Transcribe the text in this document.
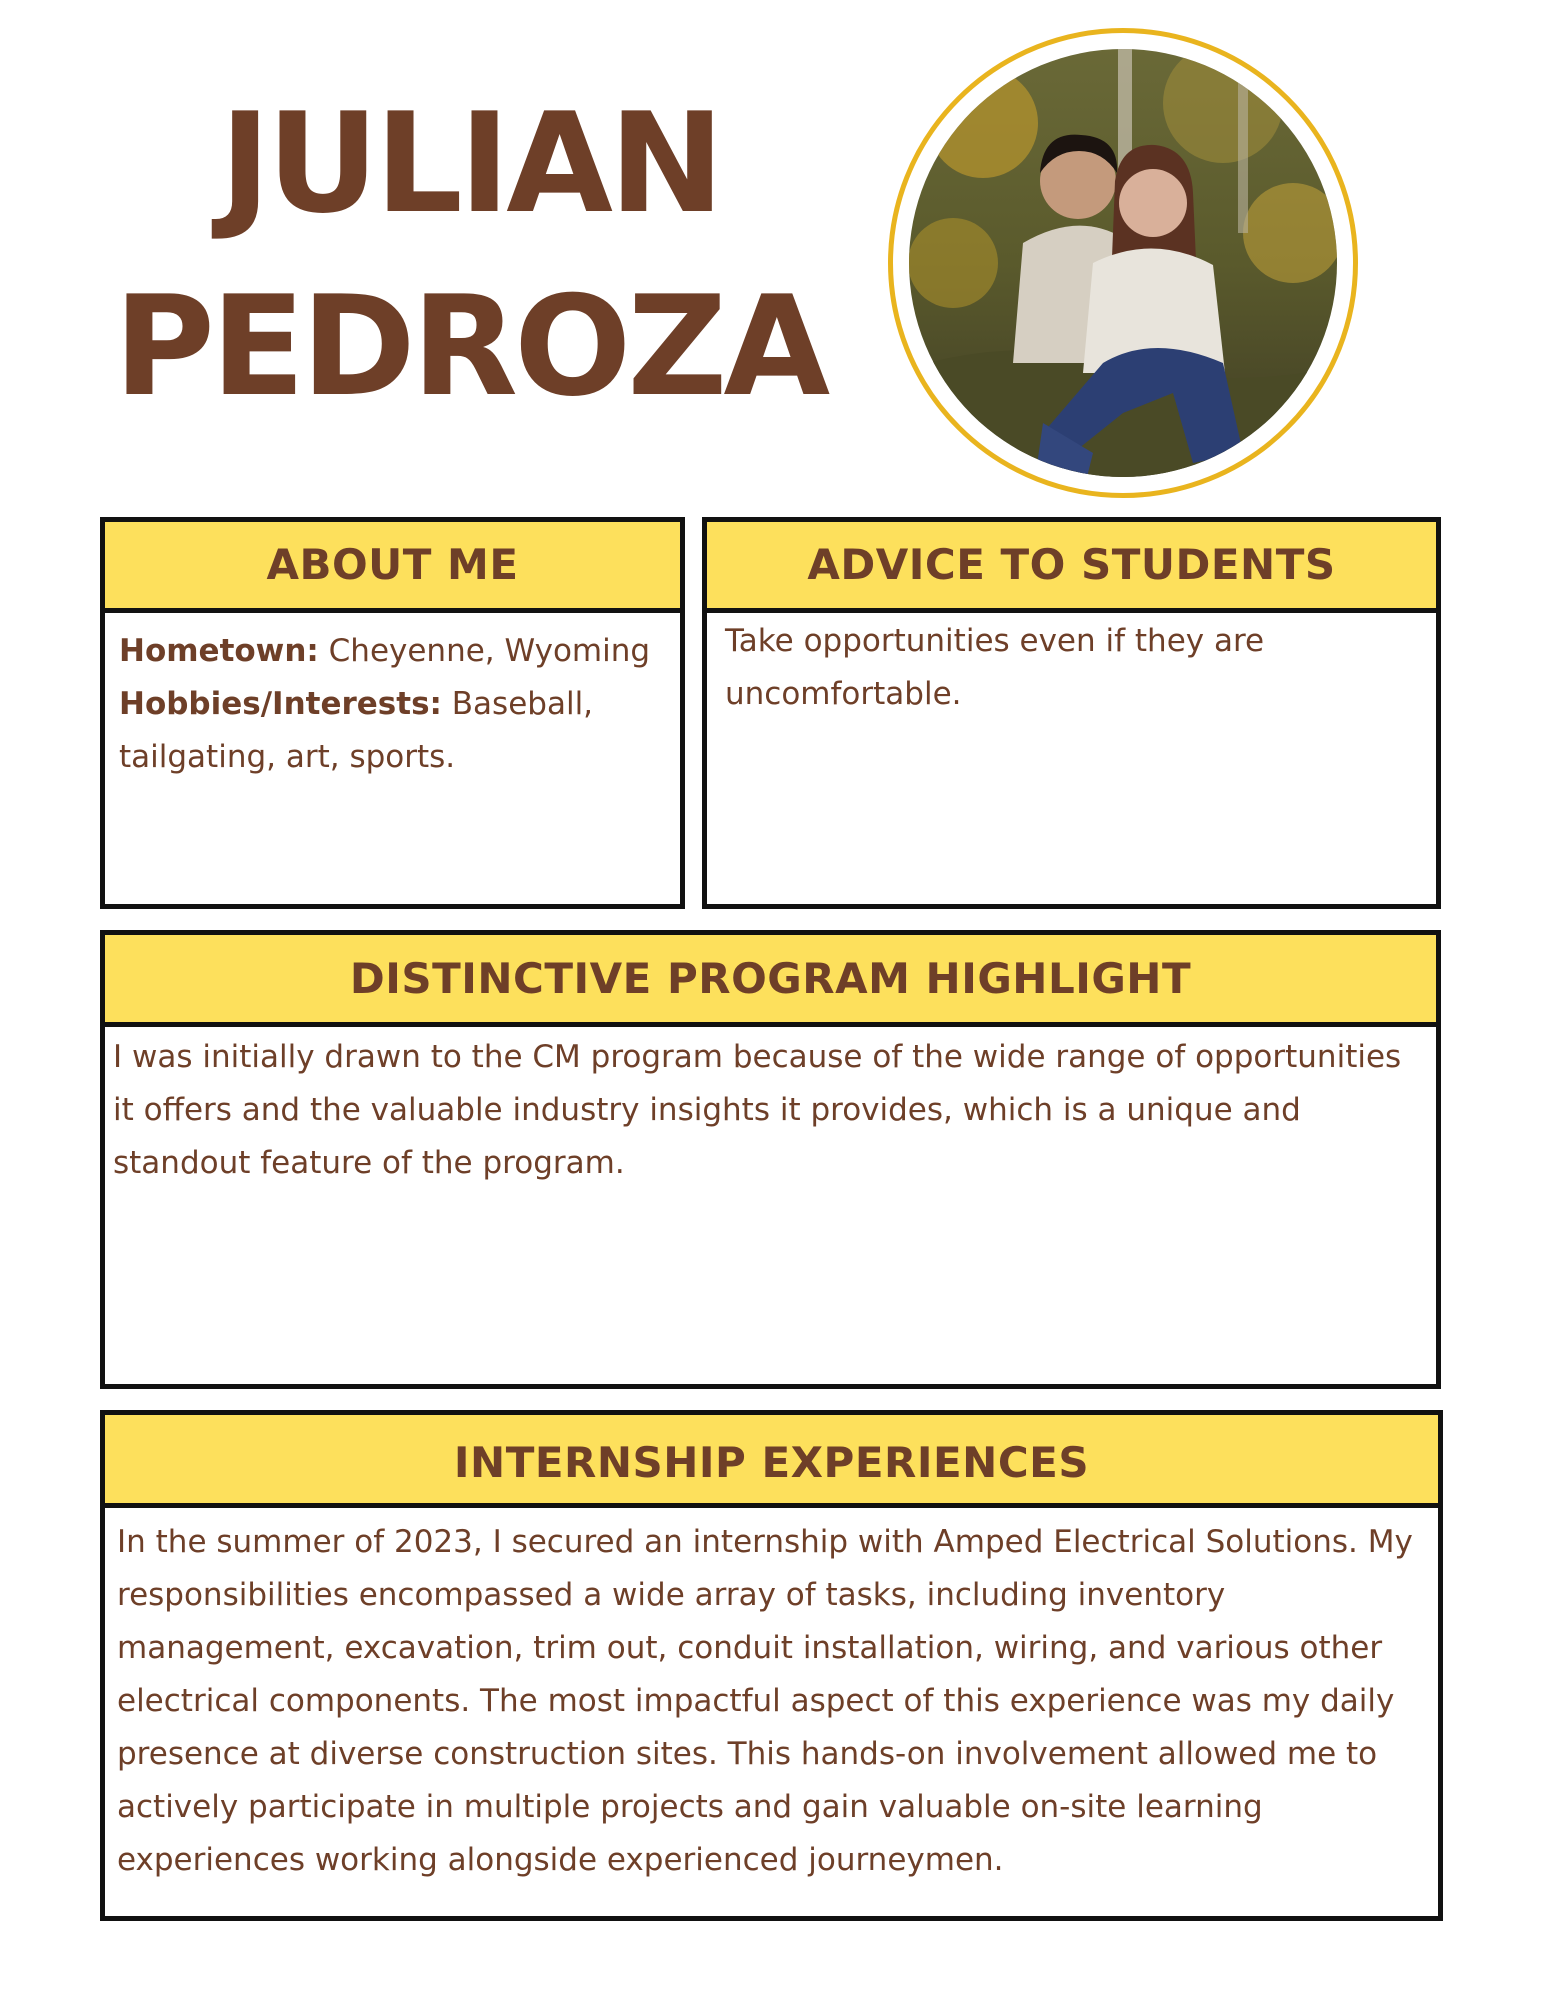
JULIAN
PEDROZA
ABOUT ME
Hometown: Cheyenne, Wyoming
Hobbies/Interests: Baseball,
tailgating, art, sports.
ADVICE TO STUDENTS
Take opportunities even if they are
uncomfortable.
DISTINCTIVE PROGRAM HIGHLIGHT
I was initially drawn to the CM program because of the wide range of opportunities
it offers and the valuable industry insights it provides, which is a unique and
standout feature of the program.
INTERNSHIP EXPERIENCES
In the summer of 2023, I secured an internship with Amped Electrical Solutions. My
responsibilities encompassed a wide array of tasks, including inventory
management, excavation, trim out, conduit installation, wiring, and various other
electrical components. The most impactful aspect of this experience was my daily
presence at diverse construction sites. This hands-on involvement allowed me to
actively participate in multiple projects and gain valuable on-site learning
experiences working alongside experienced journeymen.
